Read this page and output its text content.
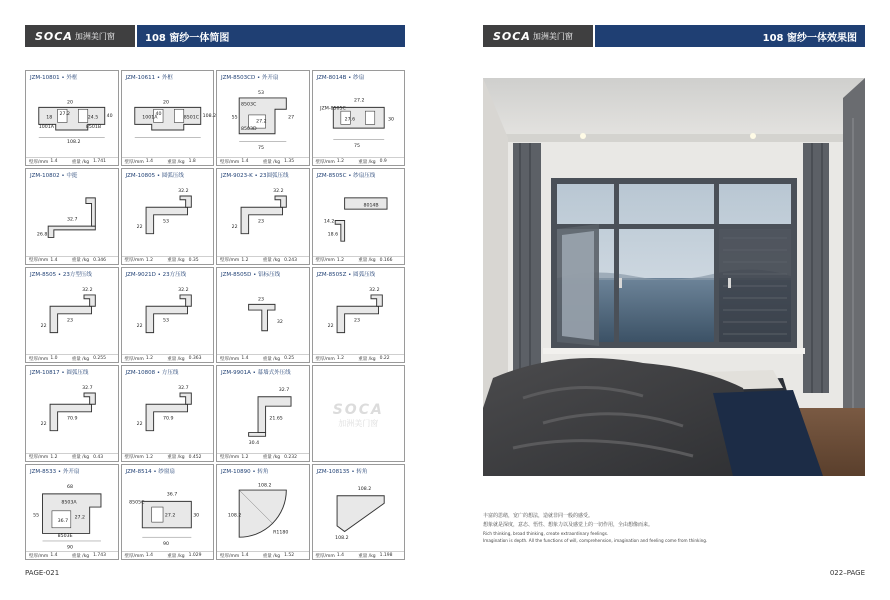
SOCA 加洲美门窗	108 窗纱一体简图
JZM-10801 • 外框
20
27.2
18	24.5 40
1001A	8501B
108.2
壁厚/mm 1.4	重量 /kg 1.741
JZM-10611 • 外框
20
40
1001A	8501C 108.2
壁厚/mm 1.4	重量 /kg 1.8
JZM-8503CD • 外开扇
53
8503C
55
27.2
27
8503D
75
壁厚/mm 1.4	重量 /kg 1.35
JZM-8014B • 纱扇
27.2
JZM-8505C
27.6	30
75
壁厚/mm 1.2	重量 /kg 0.9
JZM-10802 • 中挺
32.7
26.8
壁厚/mm 1.4	重量 /kg 0.346
JZM-10805 • 圆弧压线
32.2
53
22
壁厚/mm 1.2	重量 /kg 0.35
JZM-9023-K • 23圆弧压线
32.2
23
22
壁厚/mm 1.2	重量 /kg 0.243
JZM-8505C • 纱扇压线
8014B
14.2
18.6
壁厚/mm 1.2	重量 /kg 0.166
JZM-8505 • 23方型压线
32.2
23
22
壁厚/mm 1.0	重量 /kg 0.255
JZM-9021D • 23方压线
32.2
53
22
壁厚/mm 1.2	重量 /kg 0.363
JZM-8505D • 铝标压线
23
32
壁厚/mm 1.4	重量 /kg 0.25
JZM-8505Z • 圆弧压线
32.2
23
22
壁厚/mm 1.2	重量 /kg 0.22
JZM-10817 • 圆弧压线
32.7
70.9
22
壁厚/mm 1.2	重量 /kg 0.43
JZM-10808 • 方压线
32.7
70.9
22
壁厚/mm 1.2	重量 /kg 0.452
JZM-9901A • 幕墙式外压线
32.7
21.65
30.4
壁厚/mm 1.2	重量 /kg 0.232
SOCA
加洲美门窗
JZM-8533 • 外开扇
68
8503A
55
36.7
27.2
8503E
90
壁厚/mm 1.4	重量 /kg 1.743
JZM-8514 • 纱窗扇
36.7
8505C
27.2	30
90
壁厚/mm 1.4	重量 /kg 1.029
JZM-10890 • 转角
108.2
108.2
R1180
壁厚/mm 1.4	重量 /kg 1.52
JZM-108135 • 转角
108.2
108.2
壁厚/mm 1.4	重量 /kg 1.198
PAGE-021
SOCA 加洲美门窗	108 窗纱一体效果图

丰富的思绪，宽广的想法，造就非同一般的感受。

想象就是深度，意态、悟性、想象力以及感觉上的一切作用，全由想像而来。

Rich thinking, broad thinking, create extraordinary feelings.

Imagination is depth. All the functions of will, comprehension, imagination and feeling come from thinking.

022–PAGE
